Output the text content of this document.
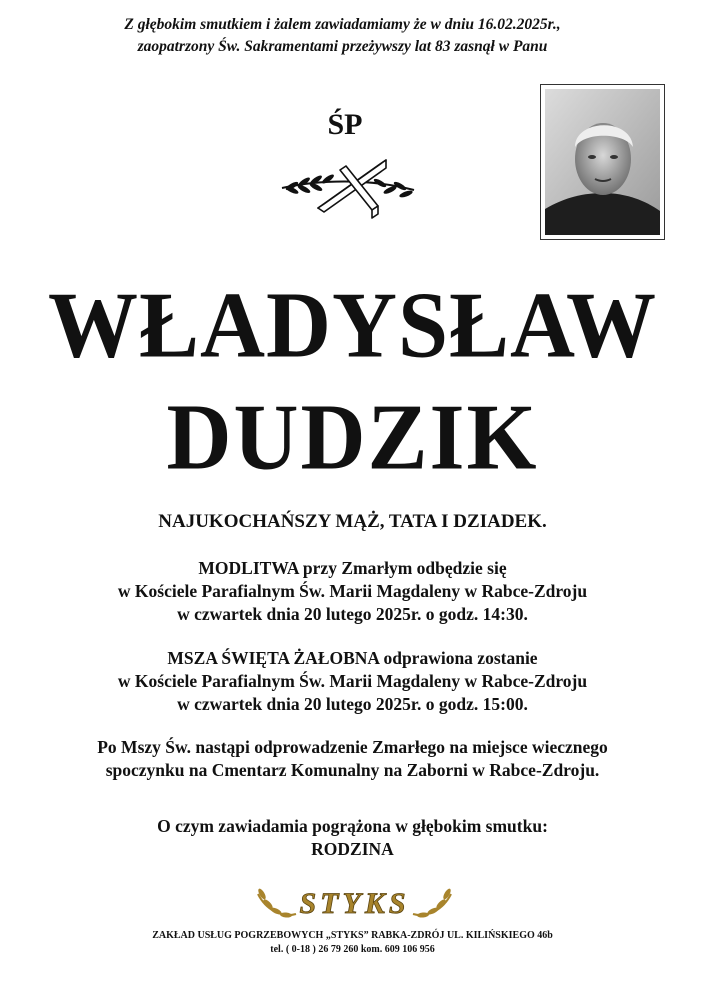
Z głębokim smutkiem i żalem zawiadamiamy że w dniu 16.02.2025r.,
zaopatrzony Św. Sakramentami przeżywszy lat 83 zasnął w Panu
ŚP
WŁADYSŁAW
DUDZIK
NAJUKOCHAŃSZY MĄŻ, TATA I DZIADEK.
MODLITWA przy Zmarłym odbędzie się
w Kościele Parafialnym Św. Marii Magdaleny w Rabce-Zdroju
w czwartek dnia 20 lutego 2025r. o godz. 14:30.
MSZA ŚWIĘTA ŻAŁOBNA odprawiona zostanie
w Kościele Parafialnym Św. Marii Magdaleny w Rabce-Zdroju
w czwartek dnia 20 lutego 2025r. o godz. 15:00.
Po Mszy Św. nastąpi odprowadzenie Zmarłego na miejsce wiecznego
spoczynku na Cmentarz Komunalny na Zaborni w Rabce-Zdroju.
O czym zawiadamia pogrążona w głębokim smutku:
RODZINA
STYKS
ZAKŁAD USŁUG POGRZEBOWYCH „STYKS” RABKA-ZDRÓJ UL. KILIŃSKIEGO 46b
tel. ( 0-18 ) 26 79 260 kom. 609 106 956
